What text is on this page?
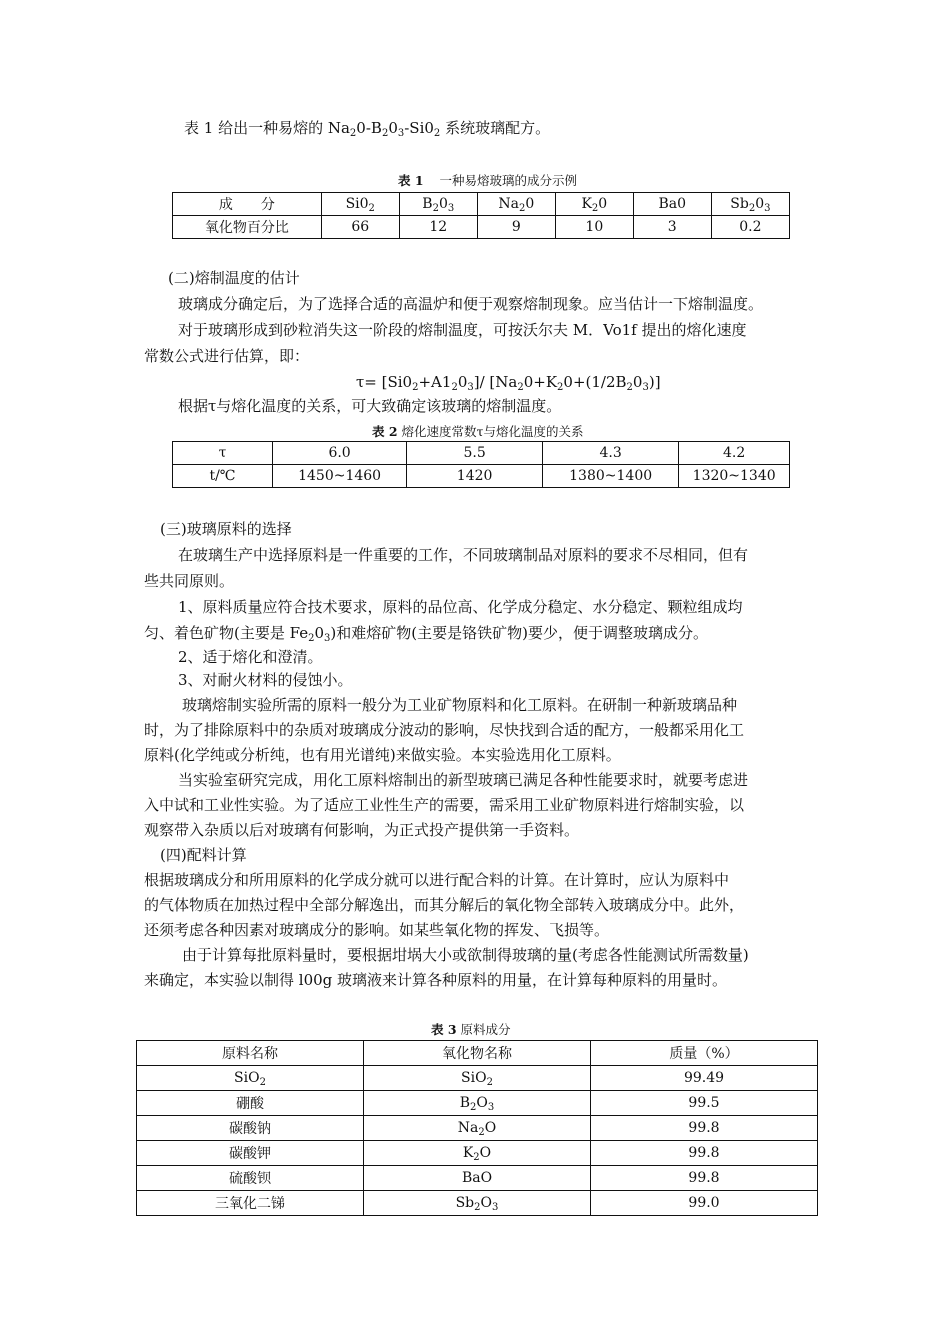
表 1 给出一种易熔的 $Na_20-B_20_3-Si0_2$ 系统玻璃配方。
表 1 一种易熔玻璃的成分示例
成　　分	$Si0_2$	$B_20_3$	$Na_20$	$K_20$	Ba0	$Sb_20_3$
氧化物百分比	66	12	9	10	3	0.2
(二)熔制温度的估计
玻璃成分确定后，为了选择合适的高温炉和便于观察熔制现象。应当估计一下熔制温度。
对于玻璃形成到砂粒消失这一阶段的熔制温度，可按沃尔夫 M．Vo1f 提出的熔化速度
常数公式进行估算，即：
$\tau= [Si0_2+A1_20_3]/$ $[Na_20+K_20+(1/2B_20_3)]$
根据τ与熔化温度的关系，可大致确定该玻璃的熔制温度。
表 2 熔化速度常数τ与熔化温度的关系
τ	6.0	5.5	4.3	4.2
t/℃	1450~1460	1420	1380~1400	1320~1340
(三)玻璃原料的选择
在玻璃生产中选择原料是一件重要的工作，不同玻璃制品对原料的要求不尽相同，但有
些共同原则。
1、原料质量应符合技术要求，原料的品位高、化学成分稳定、水分稳定、颗粒组成均
匀、着色矿物(主要是 $Fe_20_3$)和难熔矿物(主要是铬铁矿物)要少，便于调整玻璃成分。
2、适于熔化和澄清。
3、对耐火材料的侵蚀小。
玻璃熔制实验所需的原料一般分为工业矿物原料和化工原料。在研制一种新玻璃品种
时，为了排除原料中的杂质对玻璃成分波动的影响，尽快找到合适的配方，一般都采用化工
原料(化学纯或分析纯，也有用光谱纯)来做实验。本实验选用化工原料。
当实验室研究完成，用化工原料熔制出的新型玻璃已满足各种性能要求时，就要考虑进
入中试和工业性实验。为了适应工业性生产的需要，需采用工业矿物原料进行熔制实验，以
观察带入杂质以后对玻璃有何影响，为正式投产提供第一手资料。
(四)配料计算
根据玻璃成分和所用原料的化学成分就可以进行配合料的计算。在计算时，应认为原料中
的气体物质在加热过程中全部分解逸出，而其分解后的氧化物全部转入玻璃成分中。此外，
还须考虑各种因素对玻璃成分的影响。如某些氧化物的挥发、飞损等。
由于计算每批原料量时，要根据坩埚大小或欲制得玻璃的量(考虑各性能测试所需数量)
来确定，本实验以制得 l00g 玻璃液来计算各种原料的用量，在计算每种原料的用量时。
表 3 原料成分
原料名称	氧化物名称	质量（%）
SiO$_2$	SiO$_2$	99.49
硼酸	$B_2O_3$	99.5
碳酸钠	$Na_2O$	99.8
碳酸钾	$K_2O$	99.8
硫酸钡	BaO	99.8
三氧化二锑	$Sb_2O_3$	99.0
